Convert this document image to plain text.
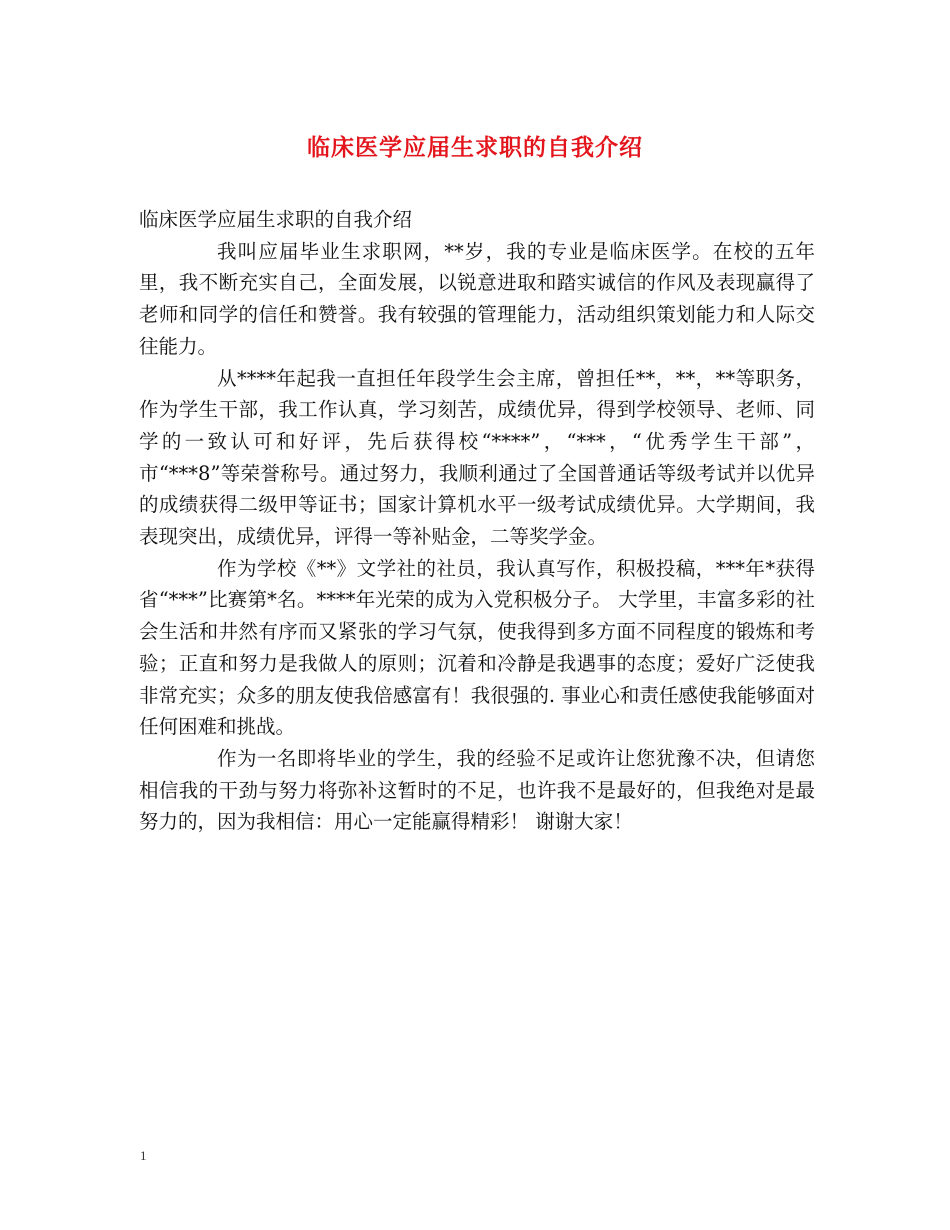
临床医学应届生求职的自我介绍

临床医学应届生求职的自我介绍

我叫应届毕业生求职网，**岁，我的专业是临床医学。在校的五年里，我不断充实自己，全面发展，以锐意进取和踏实诚信的作风及表现赢得了老师和同学的信任和赞誉。我有较强的管理能力，活动组织策划能力和人际交往能力。

从****年起我一直担任年段学生会主席，曾担任**，**，**等职务，作为学生干部，我工作认真，学习刻苦，成绩优异，得到学校领导、老师、同学的一致认可和好评，先后获得校“****”，“***，“优秀学生干部”，市“***8”等荣誉称号。通过努力，我顺利通过了全国普通话等级考试并以优异的成绩获得二级甲等证书；国家计算机水平一级考试成绩优异。大学期间，我表现突出，成绩优异，评得一等补贴金，二等奖学金。

作为学校《**》文学社的社员，我认真写作，积极投稿，***年*获得省“***”比赛第*名。****年光荣的成为入党积极分子。 大学里，丰富多彩的社会生活和井然有序而又紧张的学习气氛，使我得到多方面不同程度的锻炼和考验；正直和努力是我做人的原则；沉着和冷静是我遇事的态度；爱好广泛使我非常充实；众多的朋友使我倍感富有！我很强的. 事业心和责任感使我能够面对任何困难和挑战。

作为一名即将毕业的学生，我的经验不足或许让您犹豫不决，但请您相信我的干劲与努力将弥补这暂时的不足，也许我不是最好的，但我绝对是最努力的，因为我相信：用心一定能赢得精彩！ 谢谢大家！

1
